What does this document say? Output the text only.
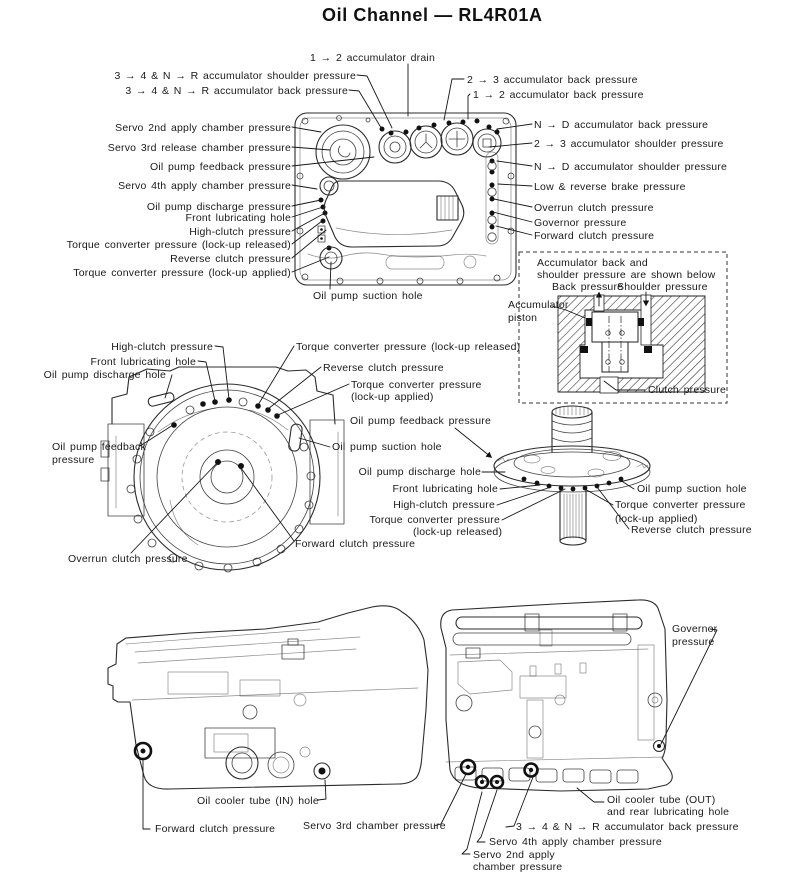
Oil Channel — RL4R01A
1 → 2 accumulator drain
3 → 4 & N → R accumulator shoulder pressure
3 → 4 & N → R accumulator back pressure
2 → 3 accumulator back pressure
1 → 2 accumulator back pressure
Servo 2nd apply chamber pressure
Servo 3rd release chamber pressure
Oil pump feedback pressure
Servo 4th apply chamber pressure
Oil pump discharge pressure
Front lubricating hole
High-clutch pressure
Torque converter pressure (lock-up released)
Reverse clutch pressure
Torque converter pressure (lock-up applied)
N → D accumulator back pressure
2 → 3 accumulator shoulder pressure
N → D accumulator shoulder pressure
Low & reverse brake pressure
Overrun clutch pressure
Governor pressure
Forward clutch pressure
Oil pump suction hole
Accumulator back and
shoulder pressure are shown below
Back pressure
Shoulder pressure
Accumulator
piston
Clutch pressure
High-clutch pressure
Front lubricating hole
Oil pump discharge hole
Torque converter pressure (lock-up released)
Reverse clutch pressure
Torque converter pressure
(lock-up applied)
Oil pump feedback
pressure
Oil pump suction hole
Overrun clutch pressure
Forward clutch pressure
Oil pump feedback pressure
Oil pump discharge hole
Front lubricating hole
High-clutch pressure
Torque converter pressure
(lock-up released)
Oil pump suction hole
Torque converter pressure
(lock-up applied)
Reverse clutch pressure
Oil cooler tube (IN) hole
Forward clutch pressure	Servo 3rd chamber pressure
Governor
pressure
Oil cooler tube (OUT)
and rear lubricating hole
3 → 4 & N → R accumulator back pressure
Servo 4th apply chamber pressure
Servo 2nd apply
chamber pressure
